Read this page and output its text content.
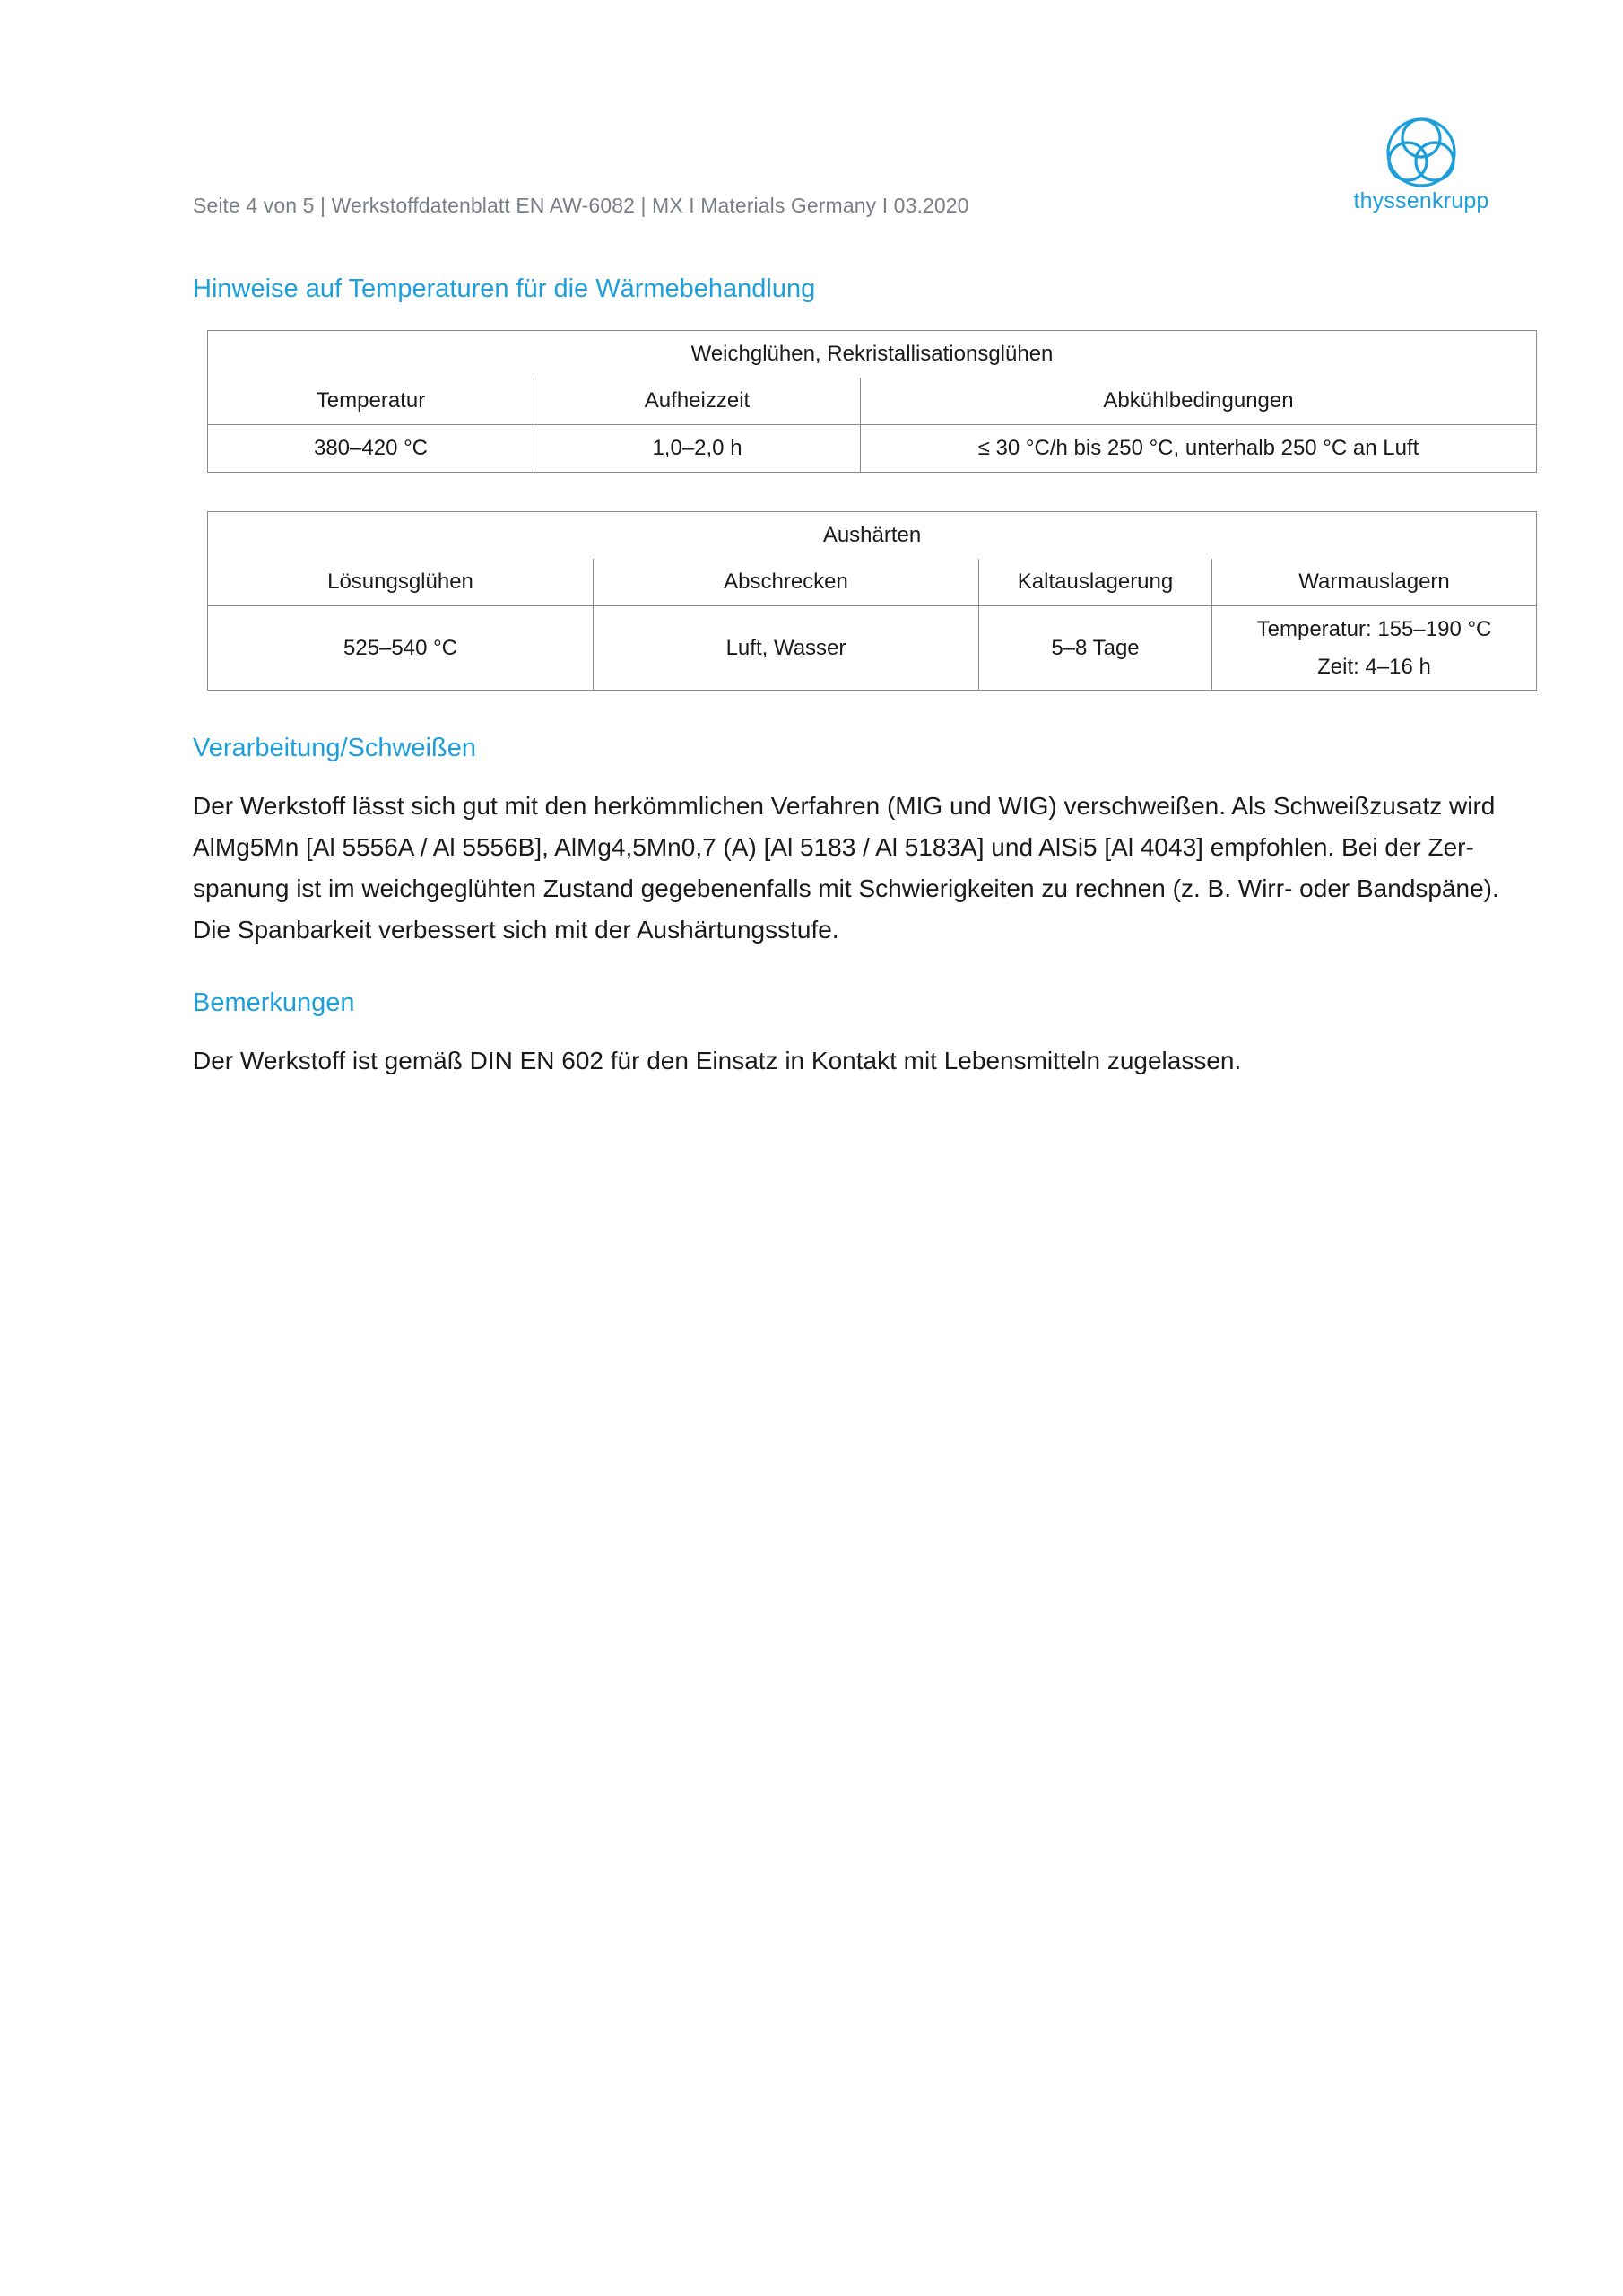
Seite 4 von 5 | Werkstoffdatenblatt EN AW-6082 | MX I Materials Germany I 03.2020	thyssenkrupp
Hinweise auf Temperaturen für die Wärmebehandlung
Weichglühen, Rekristallisationsglühen		
Temperatur	Aufheizzeit	Abkühlbedingungen
380–420 °C	1,0–2,0 h	≤ 30 °C/h bis 250 °C, unterhalb 250 °C an Luft
Aushärten			
Lösungsglühen	Abschrecken	Kaltauslagerung	Warmauslagern
525–540 °C	Luft, Wasser	5–8 Tage	Temperatur: 155–190 °C
Zeit: 4–16 h
Verarbeitung/Schweißen
Der Werkstoff lässt sich gut mit den herkömmlichen Verfahren (MIG und WIG) verschweißen. Als Schweißzusatz wird AlMg5Mn [Al 5556A / Al 5556B], AlMg4,5Mn0,7 (A) [Al 5183 / Al 5183A] und AlSi5 [Al 4043] empfohlen. Bei der Zer-spanung ist im weichgeglühten Zustand gegebenenfalls mit Schwierigkeiten zu rechnen (z. B. Wirr- oder Bandspäne). Die Spanbarkeit verbessert sich mit der Aushärtungsstufe.
Bemerkungen
Der Werkstoff ist gemäß DIN EN 602 für den Einsatz in Kontakt mit Lebensmitteln zugelassen.
